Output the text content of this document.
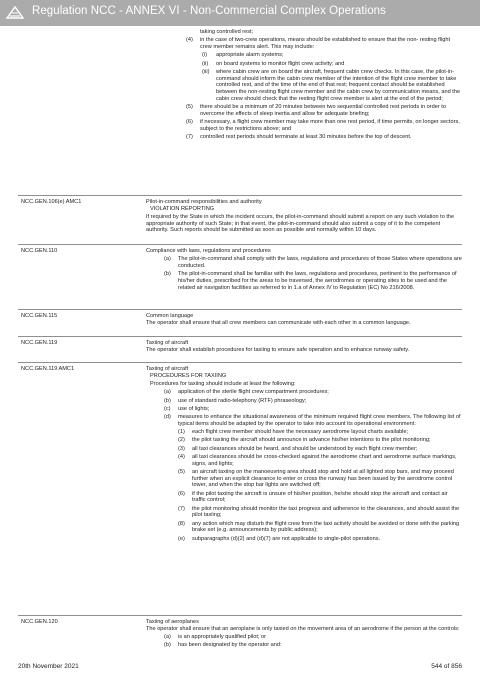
Regulation NCC - ANNEX VI - Non-Commercial Complex Operations
taking controlled rest;
(4)	in the case of two-crew operations, means should be established to ensure that the non- resting flight crew member remains alert. This may include:
(i)	appropriate alarm systems;
(ii)	on board systems to monitor flight crew activity; and
(iii)	where cabin crew are on board the aircraft, frequent cabin crew checks. In this case, the pilot-in-command should inform the cabin crew member of the intention of the flight crew member to take controlled rest, and of the time of the end of that rest; frequent contact should be established between the non-resting flight crew member and the cabin crew by communication means, and the cabin crew should check that the resting flight crew member is alert at the end of the period;
(5)	there should be a minimum of 20 minutes between two sequential controlled rest periods in order to overcome the effects of sleep inertia and allow for adequate briefing;
(6)	if necessary, a flight crew member may take more than one rest period, if time permits, on longer sectors, subject to the restrictions above; and
(7)	controlled rest periods should terminate at least 30 minutes before the top of descent.
NCC.GEN.106(e) AMC1	Pilot-in-command responsibilities and authority
VIOLATION REPORTING
If required by the State in which the incident occurs, the pilot-in-command should submit a report on any such violation to the appropriate authority of such State; in that event, the pilot-in-command should also submit a copy of it to the competent authority. Such reports should be submitted as soon as possible and normally within 10 days.
NCC.GEN.110	Compliance with laws, regulations and procedures
(a)	The pilot-in-command shall comply with the laws, regulations and procedures of those States where operations are conducted.
(b)	The pilot-in-command shall be familiar with the laws, regulations and procedures, pertinent to the performance of his/her duties, prescribed for the areas to be traversed, the aerodromes or operating sites to be used and the related air navigation facilities as referred to in 1.a of Annex IV to Regulation (EC) No 216/2008.
NCC.GEN.115	Common language
The operator shall ensure that all crew members can communicate with each other in a common language.
NCC.GEN.119	Taxiing of aircraft
The operator shall establish procedures for taxiing to ensure safe operation and to enhance runway safety.
NCC.GEN.119 AMC1	Taxiing of aircraft
PROCEDURES FOR TAXIING
Procedures for taxiing should include at least the following:
(a)	application of the sterile flight crew compartment procedures;
(b)	use of standard radio-telephony (RTF) phraseology;
(c)	use of lights;
(d)	measures to enhance the situational awareness of the minimum required flight crew members. The following list of typical items should be adapted by the operator to take into account its operational environment:
(1)	each flight crew member should have the necessary aerodrome layout charts available;
(2)	the pilot taxiing the aircraft should announce in advance his/her intentions to the pilot monitoring;
(3)	all taxi clearances should be heard, and should be understood by each flight crew member;
(4)	all taxi clearances should be cross-checked against the aerodrome chart and aerodrome surface markings, signs, and lights;
(5)	an aircraft taxiing on the manoeuvring area should stop and hold at all lighted stop bars, and may proceed further when an explicit clearance to enter or cross the runway has been issued by the aerodrome control tower, and when the stop bar lights are switched off;
(6)	if the pilot taxiing the aircraft is unsure of his/her position, he/she should stop the aircraft and contact air traffic control;
(7)	the pilot monitoring should monitor the taxi progress and adherence to the clearances, and should assist the pilot taxiing;
(8)	any action which may disturb the flight crew from the taxi activity should be avoided or done with the parking brake set (e.g. announcements by public address);
(e)	subparagraphs (d)(2) and (d)(7) are not applicable to single-pilot operations.
NCC.GEN.120	Taxiing of aeroplanes
The operator shall ensure that an aeroplane is only taxied on the movement area of an aerodrome if the person at the controls:
(a)	is an appropriately qualified pilot; or
(b)	has been designated by the operator and:
20th November 2021	544 of 856
